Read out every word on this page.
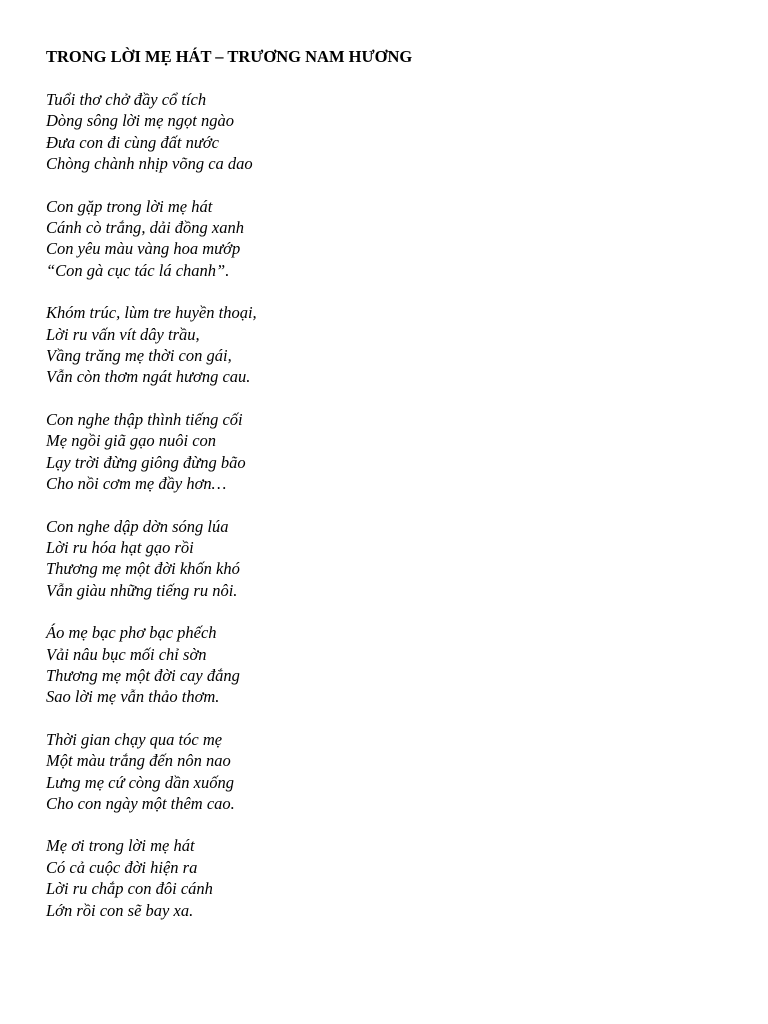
TRONG LỜI MẸ HÁT – TRƯƠNG NAM HƯƠNG
Tuổi thơ chở đầy cổ tích
Dòng sông lời mẹ ngọt ngào
Đưa con đi cùng đất nước
Chòng chành nhịp võng ca dao
Con gặp trong lời mẹ hát
Cánh cò trắng, dải đồng xanh
Con yêu màu vàng hoa mướp
“Con gà cục tác lá chanh”.
Khóm trúc, lùm tre huyền thoại,
Lời ru vấn vít dây trầu,
Vầng trăng mẹ thời con gái,
Vẫn còn thơm ngát hương cau.
Con nghe thập thình tiếng cối
Mẹ ngồi giã gạo nuôi con
Lạy trời đừng giông đừng bão
Cho nồi cơm mẹ đầy hơn…
Con nghe dập dờn sóng lúa
Lời ru hóa hạt gạo rồi
Thương mẹ một đời khốn khó
Vẫn giàu những tiếng ru nôi.
Áo mẹ bạc phơ bạc phếch
Vải nâu bục mối chỉ sờn
Thương mẹ một đời cay đắng
Sao lời mẹ vẫn thảo thơm.
Thời gian chạy qua tóc mẹ
Một màu trắng đến nôn nao
Lưng mẹ cứ còng dần xuống
Cho con ngày một thêm cao.
Mẹ ơi trong lời mẹ hát
Có cả cuộc đời hiện ra
Lời ru chắp con đôi cánh
Lớn rồi con sẽ bay xa.
